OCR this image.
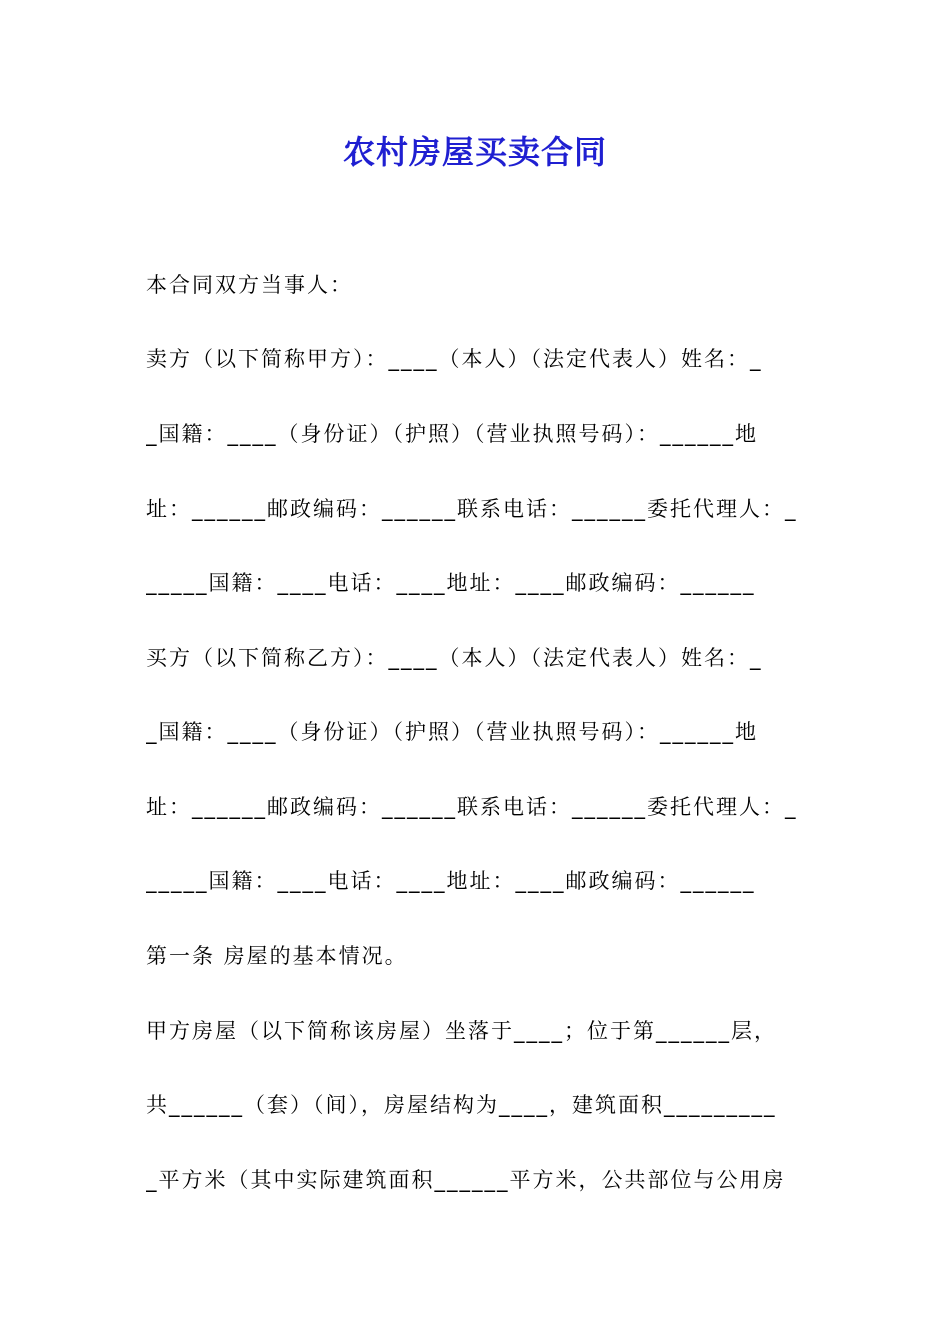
农村房屋买卖合同
本合同双方当事人：
卖方（以下简称甲方）：____（本人）（法定代表人）姓名：_
_国籍：____（身份证）（护照）（营业执照号码）：______地
址：______邮政编码：______联系电话：______委托代理人：_
_____国籍：____电话：____地址：____邮政编码：______
买方（以下简称乙方）：____（本人）（法定代表人）姓名：_
_国籍：____（身份证）（护照）（营业执照号码）：______地
址：______邮政编码：______联系电话：______委托代理人：_
_____国籍：____电话：____地址：____邮政编码：______
第一条 房屋的基本情况。
甲方房屋（以下简称该房屋）坐落于____；位于第______层，
共______（套）（间），房屋结构为____，建筑面积_________
_平方米（其中实际建筑面积______平方米，公共部位与公用房
